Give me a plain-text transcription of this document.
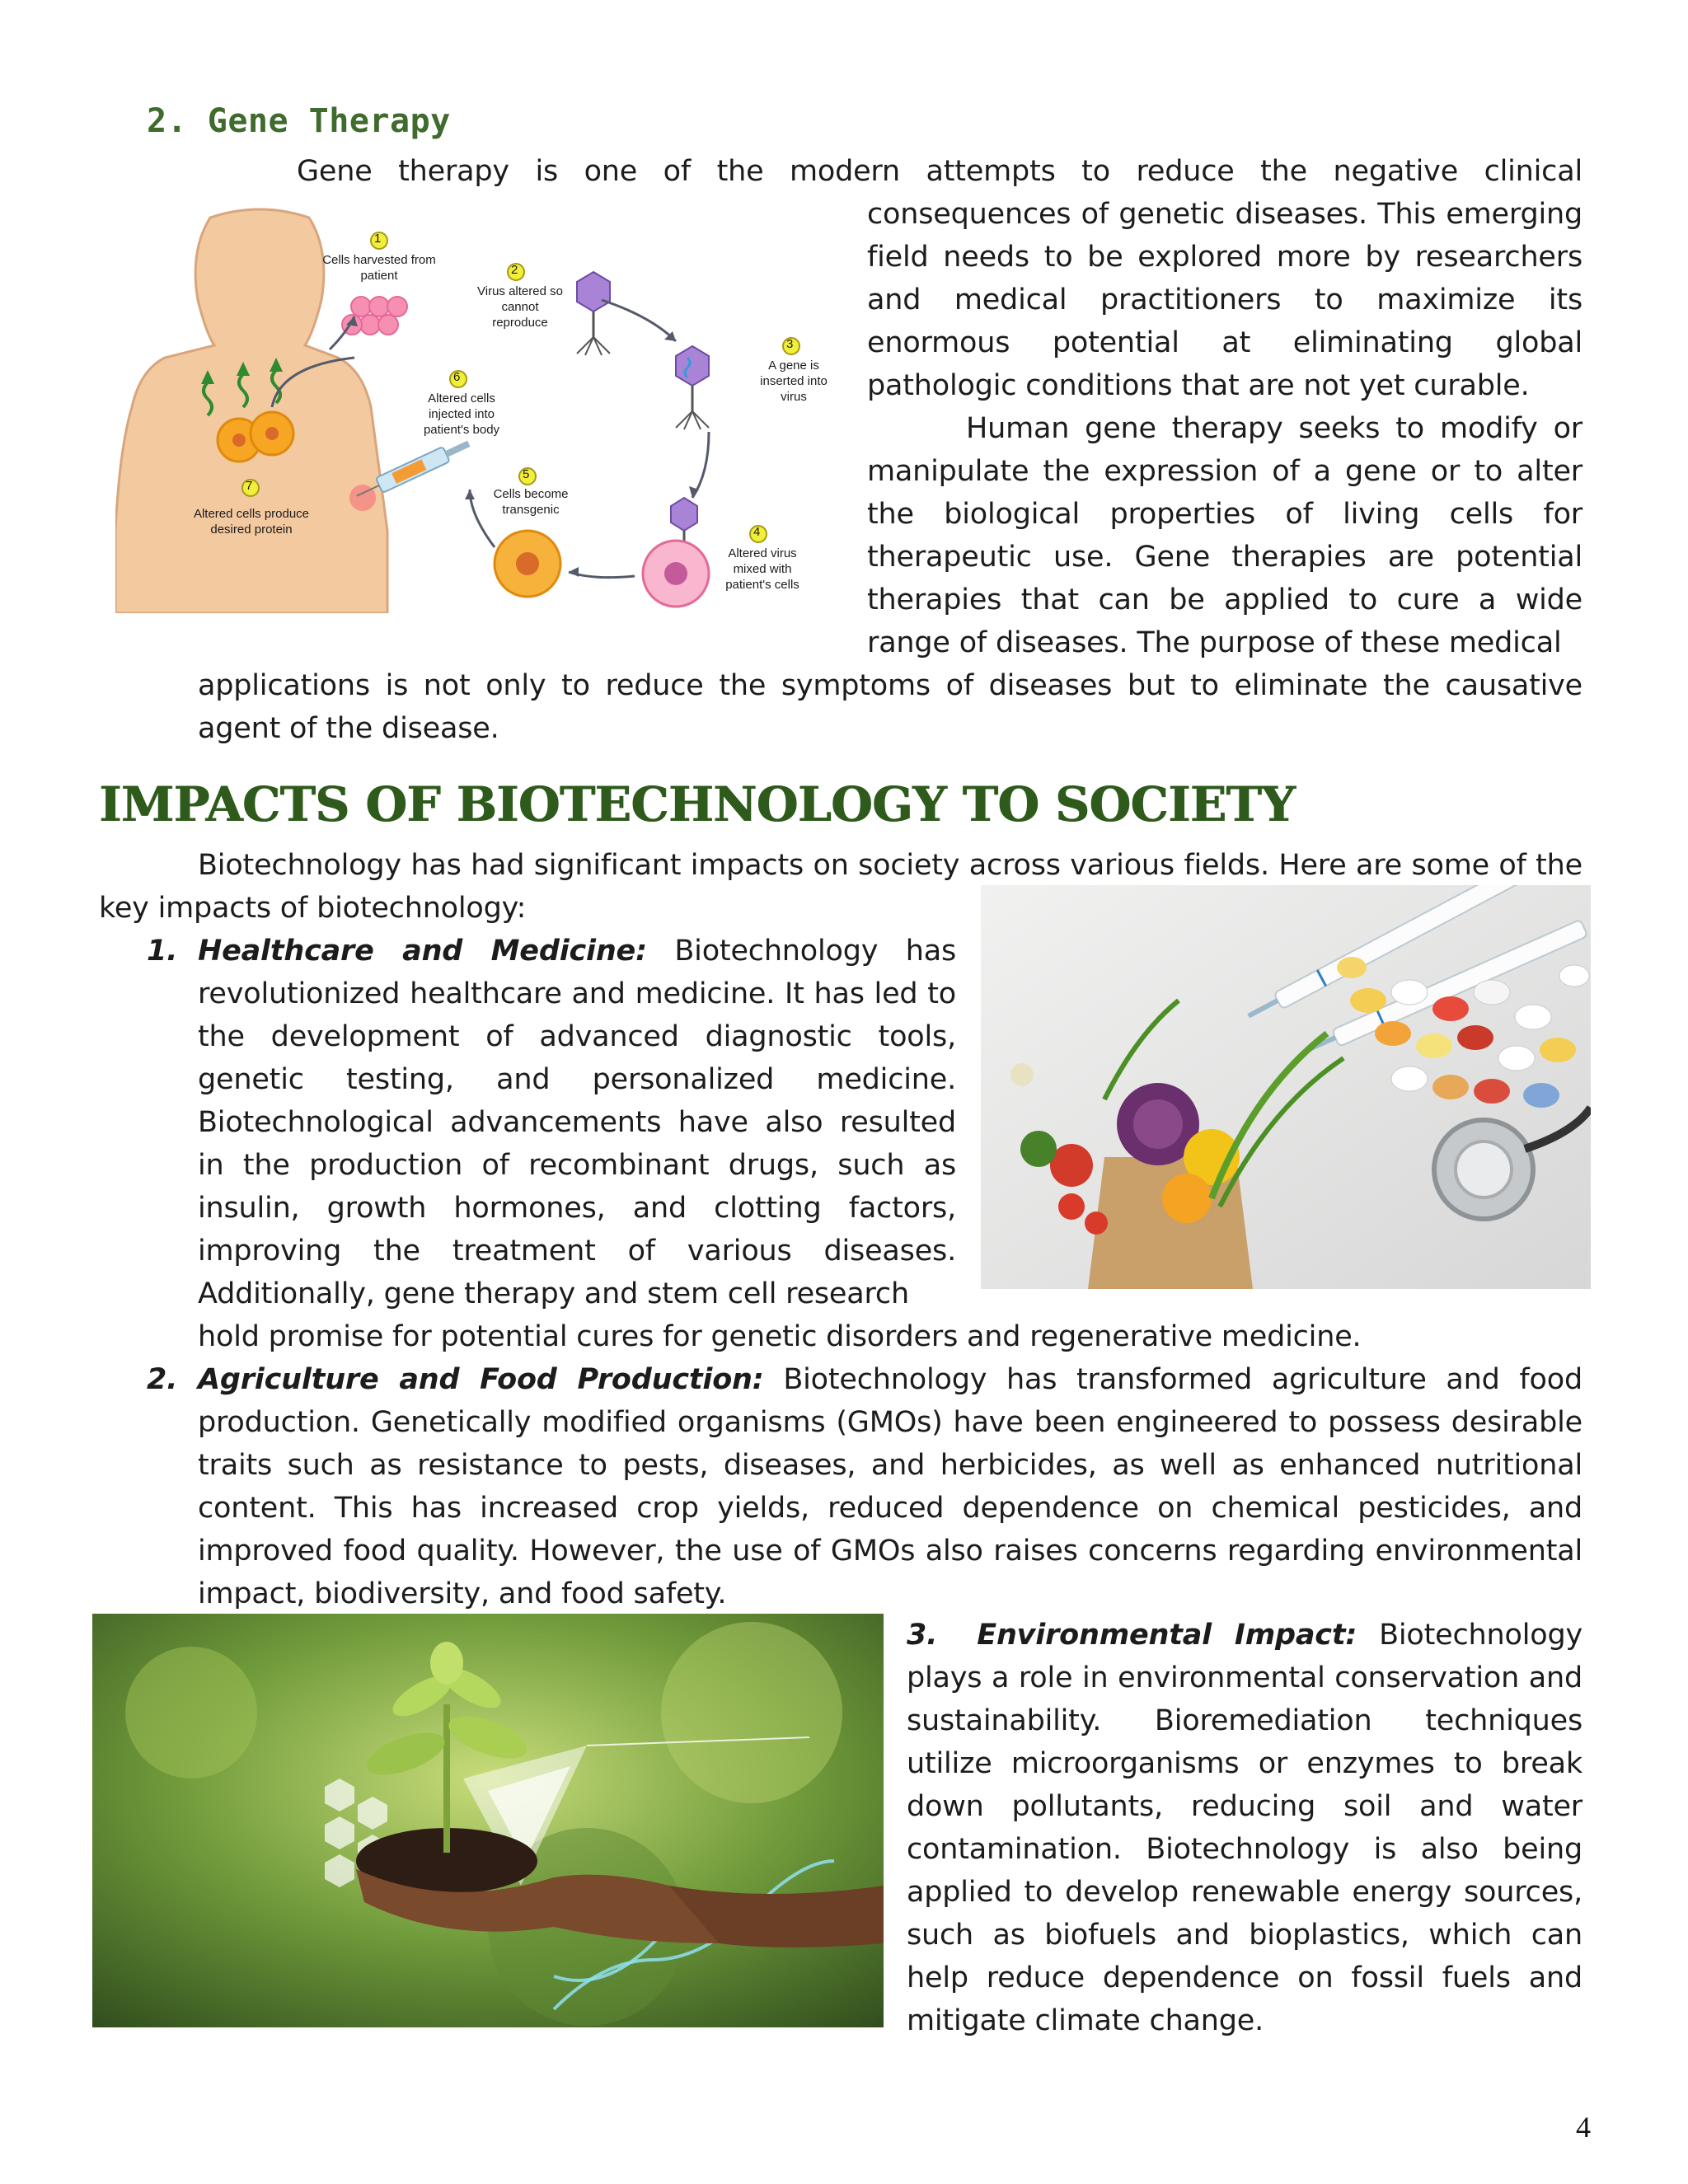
2. Gene Therapy

Gene therapy is one of the modern attempts to reduce the negative clinical

consequences of genetic diseases. This emerging field needs to be explored more by researchers and medical practitioners to maximize its enormous potential at eliminating global pathologic conditions that are not yet curable.

Human gene therapy seeks to modify or manipulate the expression of a gene or to alter the biological properties of living cells for therapeutic use. Gene therapies are potential therapies that can be applied to cure a wide range of diseases. The purpose of these medical

applications is not only to reduce the symptoms of diseases but to eliminate the causative agent of the disease.

1
2
3
4
5
6
7
Cells harvested from patient
Virus altered so cannot reproduce
A gene is inserted into virus
Altered virus mixed with patient's cells
Cells become transgenic
Altered cells injected into patient's body
Altered cells produce desired protein
IMPACTS OF BIOTECHNOLOGY TO SOCIETY

Biotechnology has had significant impacts on society across various fields. Here are some of the key impacts of biotechnology:

1. Healthcare and Medicine: Biotechnology has revolutionized healthcare and medicine. It has led to the development of advanced diagnostic tools, genetic testing, and personalized medicine. Biotechnological advancements have also resulted in the production of recombinant drugs, such as insulin, growth hormones, and clotting factors, improving the treatment of various diseases. Additionally, gene therapy and stem cell research

hold promise for potential cures for genetic disorders and regenerative medicine.

2. Agriculture and Food Production: Biotechnology has transformed agriculture and food production. Genetically modified organisms (GMOs) have been engineered to possess desirable traits such as resistance to pests, diseases, and herbicides, as well as enhanced nutritional content. This has increased crop yields, reduced dependence on chemical pesticides, and improved food quality. However, the use of GMOs also raises concerns regarding environmental impact, biodiversity, and food safety.

3. Environmental Impact: Biotechnology plays a role in environmental conservation and sustainability. Bioremediation techniques utilize microorganisms or enzymes to break down pollutants, reducing soil and water contamination. Biotechnology is also being applied to develop renewable energy sources, such as biofuels and bioplastics, which can help reduce dependence on fossil fuels and mitigate climate change.

4
